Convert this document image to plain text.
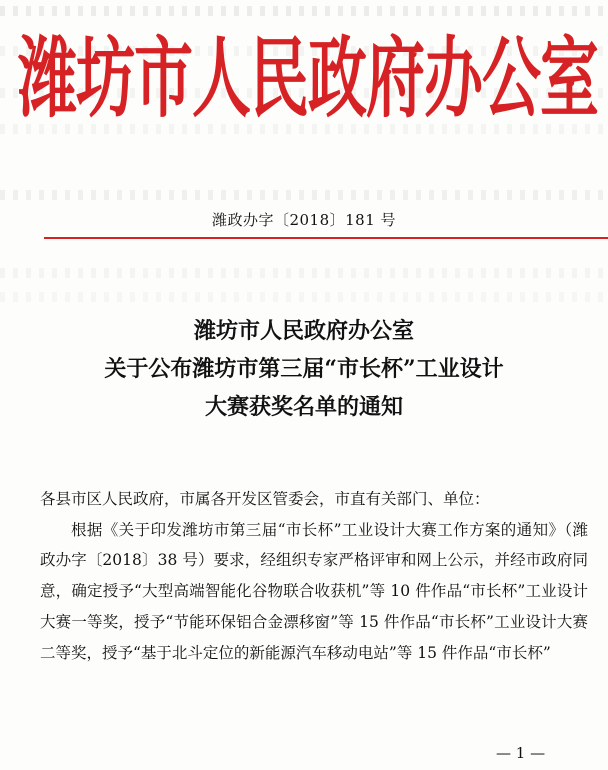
潍坊市人民政府办公室
潍政办字〔2018〕181 号
潍坊市人民政府办公室
关于公布潍坊市第三届“市长杯”工业设计
大赛获奖名单的通知

各县市区人民政府，市属各开发区管委会，市直有关部门、单位：

根据《关于印发潍坊市第三届“市长杯”工业设计大赛工作方案的通知》（潍政办字〔2018〕38 号）要求，经组织专家严格评审和网上公示，并经市政府同意，确定授予“大型高端智能化谷物联合收获机”等 10 件作品“市长杯”工业设计大赛一等奖，授予“节能环保铝合金漂移窗”等 15 件作品“市长杯”工业设计大赛二等奖，授予“基于北斗定位的新能源汽车移动电站”等 15 件作品“市长杯”

— 1 —
